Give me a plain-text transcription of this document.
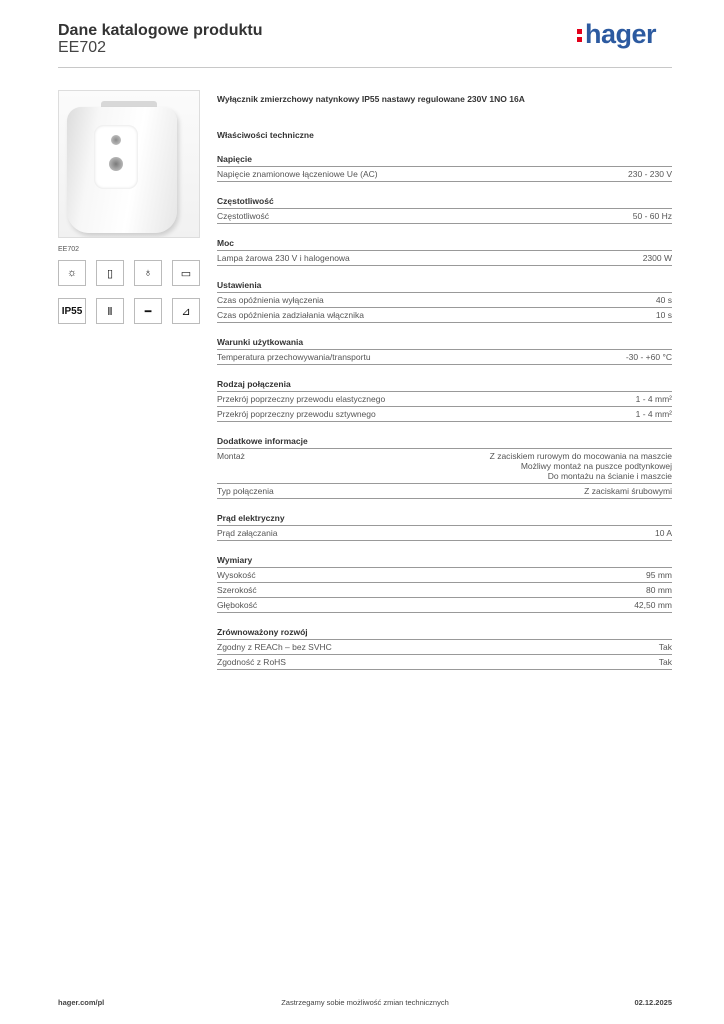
Dane katalogowe produktu
EE702	hager
EE702
☼	▯	♁	▭
IP55	Ⅱ	━	⊿
Wyłącznik zmierzchowy natynkowy IP55 nastawy regulowane 230V 1NO 16A
Właściwości techniczne
Napięcie
Napięcie znamionowe łączeniowe Ue (AC)	230 - 230 V
Częstotliwość
Częstotliwość	50 - 60 Hz
Moc
Lampa żarowa 230 V i halogenowa	2300 W
Ustawienia
Czas opóźnienia wyłączenia	40 s
Czas opóźnienia zadziałania włącznika	10 s
Warunki użytkowania
Temperatura przechowywania/transportu	-30 - +60 °C
Rodzaj połączenia
Przekrój poprzeczny przewodu elastycznego	1 - 4 mm²
Przekrój poprzeczny przewodu sztywnego	1 - 4 mm²
Dodatkowe informacje
Montaż	Z zaciskiem rurowym do mocowania na maszcie
Możliwy montaż na puszce podtynkowej
Do montażu na ścianie i maszcie
Typ połączenia	Z zaciskami śrubowymi
Prąd elektryczny
Prąd załączania	10 A
Wymiary
Wysokość	95 mm
Szerokość	80 mm
Głębokość	42,50 mm
Zrównoważony rozwój
Zgodny z REACh – bez SVHC	Tak
Zgodność z RoHS	Tak
Zastrzegamy sobie możliwość zmian technicznych
hager.com/pl	02.12.2025
